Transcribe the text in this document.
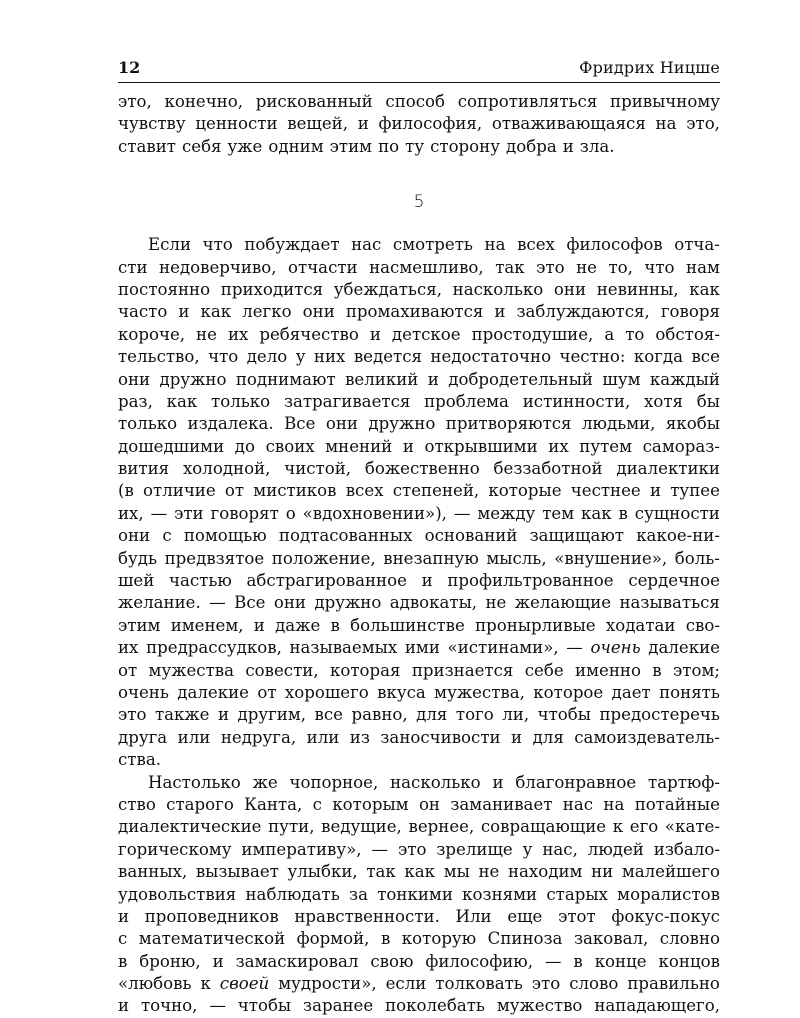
12	Фридрих Ницше
это, конечно, рискованный способ сопротивляться привычному
чувству ценности вещей, и философия, отваживающаяся на это,
ставит себя уже одним этим по ту сторону добра и зла.
5
Если что побуждает нас смотреть на всех философов отча-
сти недоверчиво, отчасти насмешливо, так это не то, что нам
постоянно приходится убеждаться, насколько они невинны, как
часто и как легко они промахиваются и заблуждаются, говоря
короче, не их ребячество и детское простодушие, а то обстоя-
тельство, что дело у них ведется недостаточно честно: когда все
они дружно поднимают великий и добродетельный шум каждый
раз, как только затрагивается проблема истинности, хотя бы
только издалека. Все они дружно притворяются людьми, якобы
дошедшими до своих мнений и открывшими их путем самораз-
вития холодной, чистой, божественно беззаботной диалектики
(в отличие от мистиков всех степеней, которые честнее и тупее
их, — эти говорят о «вдохновении»), — между тем как в сущности
они с помощью подтасованных оснований защищают какое-ни-
будь предвзятое положение, внезапную мысль, «внушение», боль-
шей частью абстрагированное и профильтрованное сердечное
желание. — Все они дружно адвокаты, не желающие называться
этим именем, и даже в большинстве пронырливые ходатаи сво-
их предрассудков, называемых ими «истинами», — очень далекие
от мужества совести, которая признается себе именно в этом;
очень далекие от хорошего вкуса мужества, которое дает понять
это также и другим, все равно, для того ли, чтобы предостеречь
друга или недруга, или из заносчивости и для самоиздеватель-
ства.
Настолько же чопорное, насколько и благонравное тартюф-
ство старого Канта, с которым он заманивает нас на потайные
диалектические пути, ведущие, вернее, совращающие к его «кате-
горическому императиву», — это зрелище у нас, людей избало-
ванных, вызывает улыбки, так как мы не находим ни малейшего
удовольствия наблюдать за тонкими кознями старых моралистов
и проповедников нравственности. Или еще этот фокус-покус
с математической формой, в которую Спиноза заковал, словно
в броню, и замаскировал свою философию, — в конце концов
«любовь к своей мудрости», если толковать это слово правильно
и точно, — чтобы заранее поколебать мужество нападающего,
